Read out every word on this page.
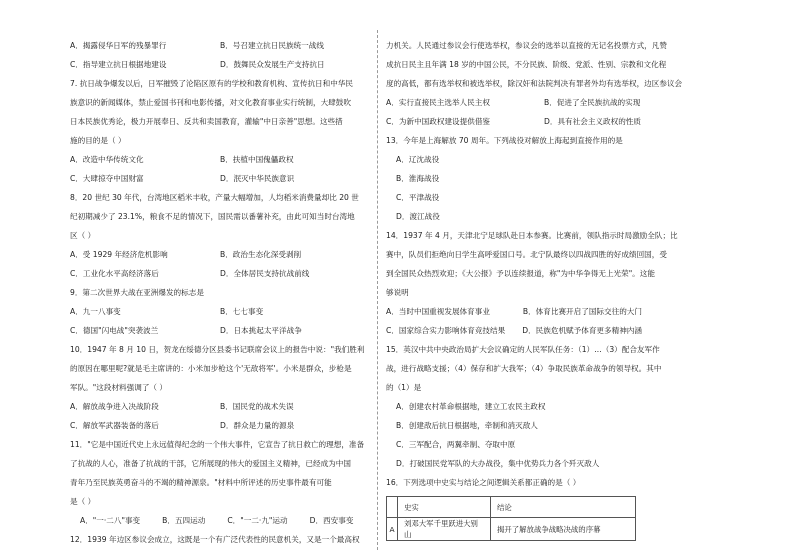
A．揭露侵华日军的残暴罪行	B．号召建立抗日民族统一战线
C．指导建立抗日根据地建设	D．鼓舞民众发展生产支持抗日
7. 抗日战争爆发以后，日军摧毁了沦陷区原有的学校和教育机构、宣传抗日和中华民
族意识的新闻媒体，禁止爱国书刊和电影传播，对文化教育事业实行统制，大肆鼓吹
日本民族优秀论，极力开展奉日、反共和卖国教育，灌输"中日亲善"思想。这些措
施的目的是（ ）
A．改造中华传统文化	B．扶植中国傀儡政权
C．大肆掠夺中国财富	D．泯灭中华民族意识
8．20 世纪 30 年代，台湾地区稻米丰收，产量大幅增加，人均稻米消费量却比 20 世
纪初期减少了 23.1%，粮食不足的情况下，国民需以番薯补充，由此可知当时台湾地
区（ ）
A．受 1929 年经济危机影响	B．政治生态化深受剥削
C．工业化水平高经济落后	D．全体居民支持抗战前线
9．第二次世界大战在亚洲爆发的标志是
A．九一八事变	B．七七事变
C．德国"闪电战"突袭波兰	D．日本挑起太平洋战争
10．1947 年 8 月 10 日，贺龙在绥德分区县委书记联席会议上的报告中说："我们胜利
的原因在哪里呢?就是毛主席讲的：小米加步枪这个'无敌将军'。小米是群众，步枪是
军队。"这段材料强调了（ ）
A．解放战争进入决战阶段	B．国民党的战术失误
C．解放军武器装备的落后	D．群众是力量的源泉
11．"它是中国近代史上永远值得纪念的一个伟大事件，它宣告了抗日救亡的理想，准备
了抗战的人心，准备了抗战的干部，它所展现的伟大的爱国主义精神，已经成为中国
青年乃至民族英勇奋斗的不竭的精神源泉。"材料中所评述的历史事件最有可能
是（ ）
A．"一·二八"事变	B．五四运动	C．"一二·九"运动	D．西安事变
12．1939 年边区参议会成立，这既是一个有广泛代表性的民意机关，又是一个最高权
力机关。人民通过参议会行使选举权，参议会的选举以直接的无记名投票方式，凡赞
成抗日民主且年满 18 岁的中国公民，不分民族、阶级、党派、性别、宗教和文化程
度的高低，都有选举权和被选举权，除汉奸和法院判决有罪者外均有选举权，边区参议会
A．实行直接民主选举人民主权	B．促进了全民族抗战的实现
C．为新中国政权建设提供借鉴	D．具有社会主义政权的性质
13．今年是上海解放 70 周年。下列战役对解放上海起到直接作用的是
A．辽沈战役
B．淮海战役
C．平津战役
D．渡江战役
14．1937 年 4 月，天津北宁足球队赴日本参赛。比赛前，领队指示时局激励全队；比
赛中，队员们拒绝向日学生高呼爱国口号。北宁队最终以四战四胜的好成绩回国，受
到全国民众热烈欢迎；《大公报》予以连续报道，称"为中华争得无上光荣"。这能
够说明
A．当时中国重视发展体育事业	B．体育比赛开启了国际交往的大门
C．国家综合实力影响体育竞技结果	D．民族危机赋予体育更多精神内涵
15．英汉中共中央政治局扩大会议确定的人民军队任务：（1）…（3）配合友军作
战，进行战略支援；（4）保存和扩大我军；（4）争取民族革命战争的领导权。其中
的（1）是
A．创建农村革命根据地，建立工农民主政权
B．创建敌后抗日根据地，牵制和消灭敌人
C．三军配合，两翼牵制、夺取中原
D．打破国民党军队的大办战役，集中优势兵力各个歼灭敌人
16．下列选项中史实与结论之间逻辑关系都正确的是（ ）
	史实	结论
A	刘邓大军千里跃进大别山	揭开了解放战争战略决战的序幕
